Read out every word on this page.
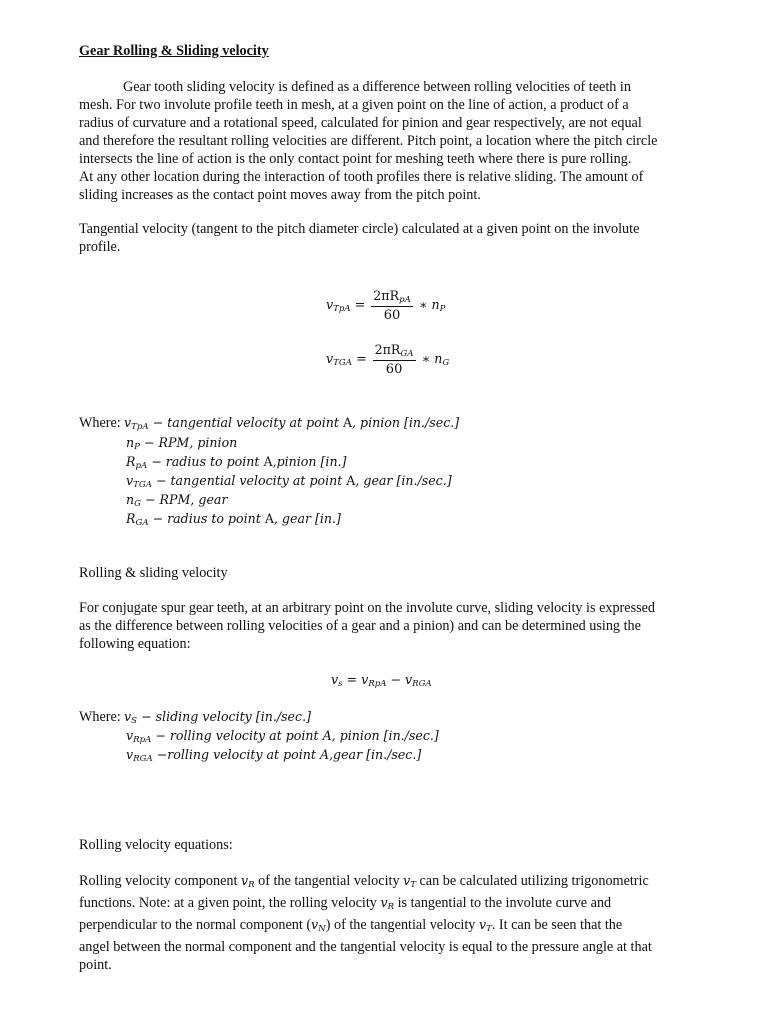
Gear Rolling & Sliding velocity
Gear tooth sliding velocity is defined as a difference between rolling velocities of teeth in
mesh. For two involute profile teeth in mesh, at a given point on the line of action, a product of a
radius of curvature and a rotational speed, calculated for pinion and gear respectively, are not equal
and therefore the resultant rolling velocities are different. Pitch point, a location where the pitch circle
intersects the line of action is the only contact point for meshing teeth where there is pure rolling.
At any other location during the interaction of tooth profiles there is relative sliding. The amount of
sliding increases as the contact point moves away from the pitch point.
Tangential velocity (tangent to the pitch diameter circle) calculated at a given point on the involute
profile.
vTpA = $\frac{\text{2πRpA}}{60}$ ∗ nP
vTGA = $\frac{\text{2πRGA}}{60}$ ∗ nG
Where: vTpA − tangential velocity at point A, pinion [in./sec.]
nP − RPM, pinion
RpA − radius to point A,pinion [in.]
vTGA − tangential velocity at point A, gear [in./sec.]
nG − RPM, gear
RGA − radius to point A, gear [in.]
Rolling & sliding velocity
For conjugate spur gear teeth, at an arbitrary point on the involute curve, sliding velocity is expressed
as the difference between rolling velocities of a gear and a pinion) and can be determined using the
following equation:
vs = vRpA − vRGA
Where: vS − sliding velocity [in./sec.]
vRpA − rolling velocity at point A, pinion [in./sec.]
vRGA −rolling velocity at point A,gear [in./sec.]
Rolling velocity equations:
Rolling velocity component vR of the tangential velocity vT can be calculated utilizing trigonometric
functions. Note: at a given point, the rolling velocity vR is tangential to the involute curve and
perpendicular to the normal component (vN) of the tangential velocity vT. It can be seen that the
angel between the normal component and the tangential velocity is equal to the pressure angle at that
point.
